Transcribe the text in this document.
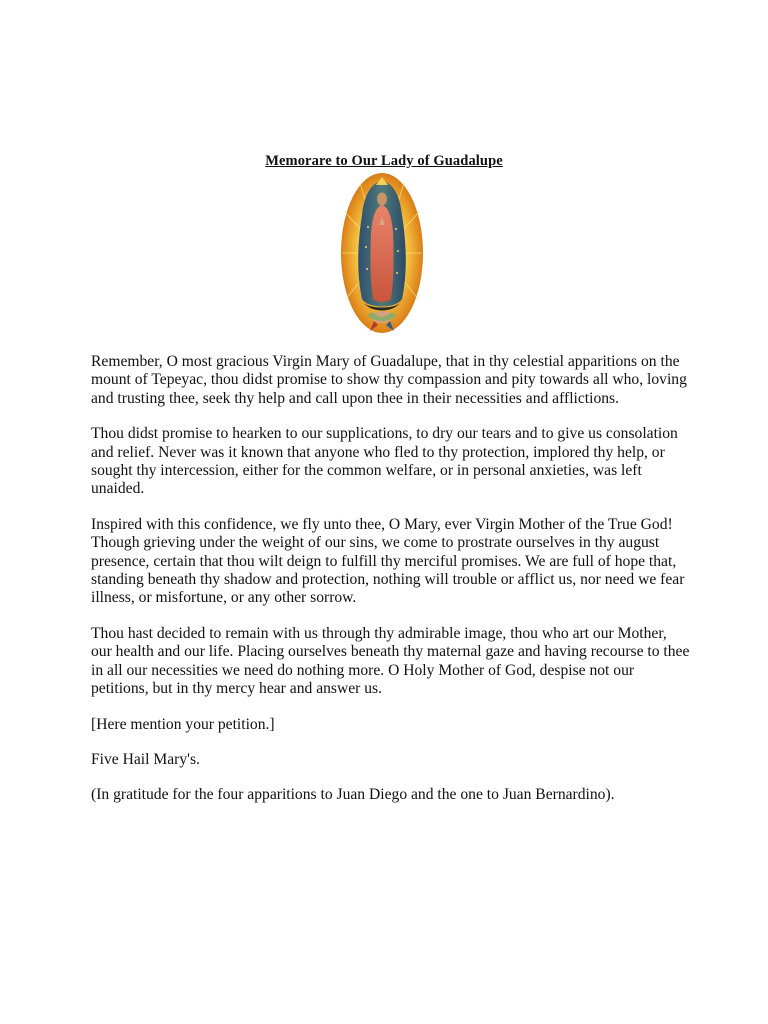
Memorare to Our Lady of Guadalupe

Remember, O most gracious Virgin Mary of Guadalupe, that in thy celestial apparitions on the mount of Tepeyac, thou didst promise to show thy compassion and pity towards all who, loving and trusting thee, seek thy help and call upon thee in their necessities and afflictions.

Thou didst promise to hearken to our supplications, to dry our tears and to give us consolation and relief. Never was it known that anyone who fled to thy protection, implored thy help, or sought thy intercession, either for the common welfare, or in personal anxieties, was left unaided.

Inspired with this confidence, we fly unto thee, O Mary, ever Virgin Mother of the True God! Though grieving under the weight of our sins, we come to prostrate ourselves in thy august presence, certain that thou wilt deign to fulfill thy merciful promises. We are full of hope that, standing beneath thy shadow and protection, nothing will trouble or afflict us, nor need we fear illness, or misfortune, or any other sorrow.

Thou hast decided to remain with us through thy admirable image, thou who art our Mother, our health and our life. Placing ourselves beneath thy maternal gaze and having recourse to thee in all our necessities we need do nothing more. O Holy Mother of God, despise not our petitions, but in thy mercy hear and answer us.

[Here mention your petition.]

Five Hail Mary's.

(In gratitude for the four apparitions to Juan Diego and the one to Juan Bernardino).
